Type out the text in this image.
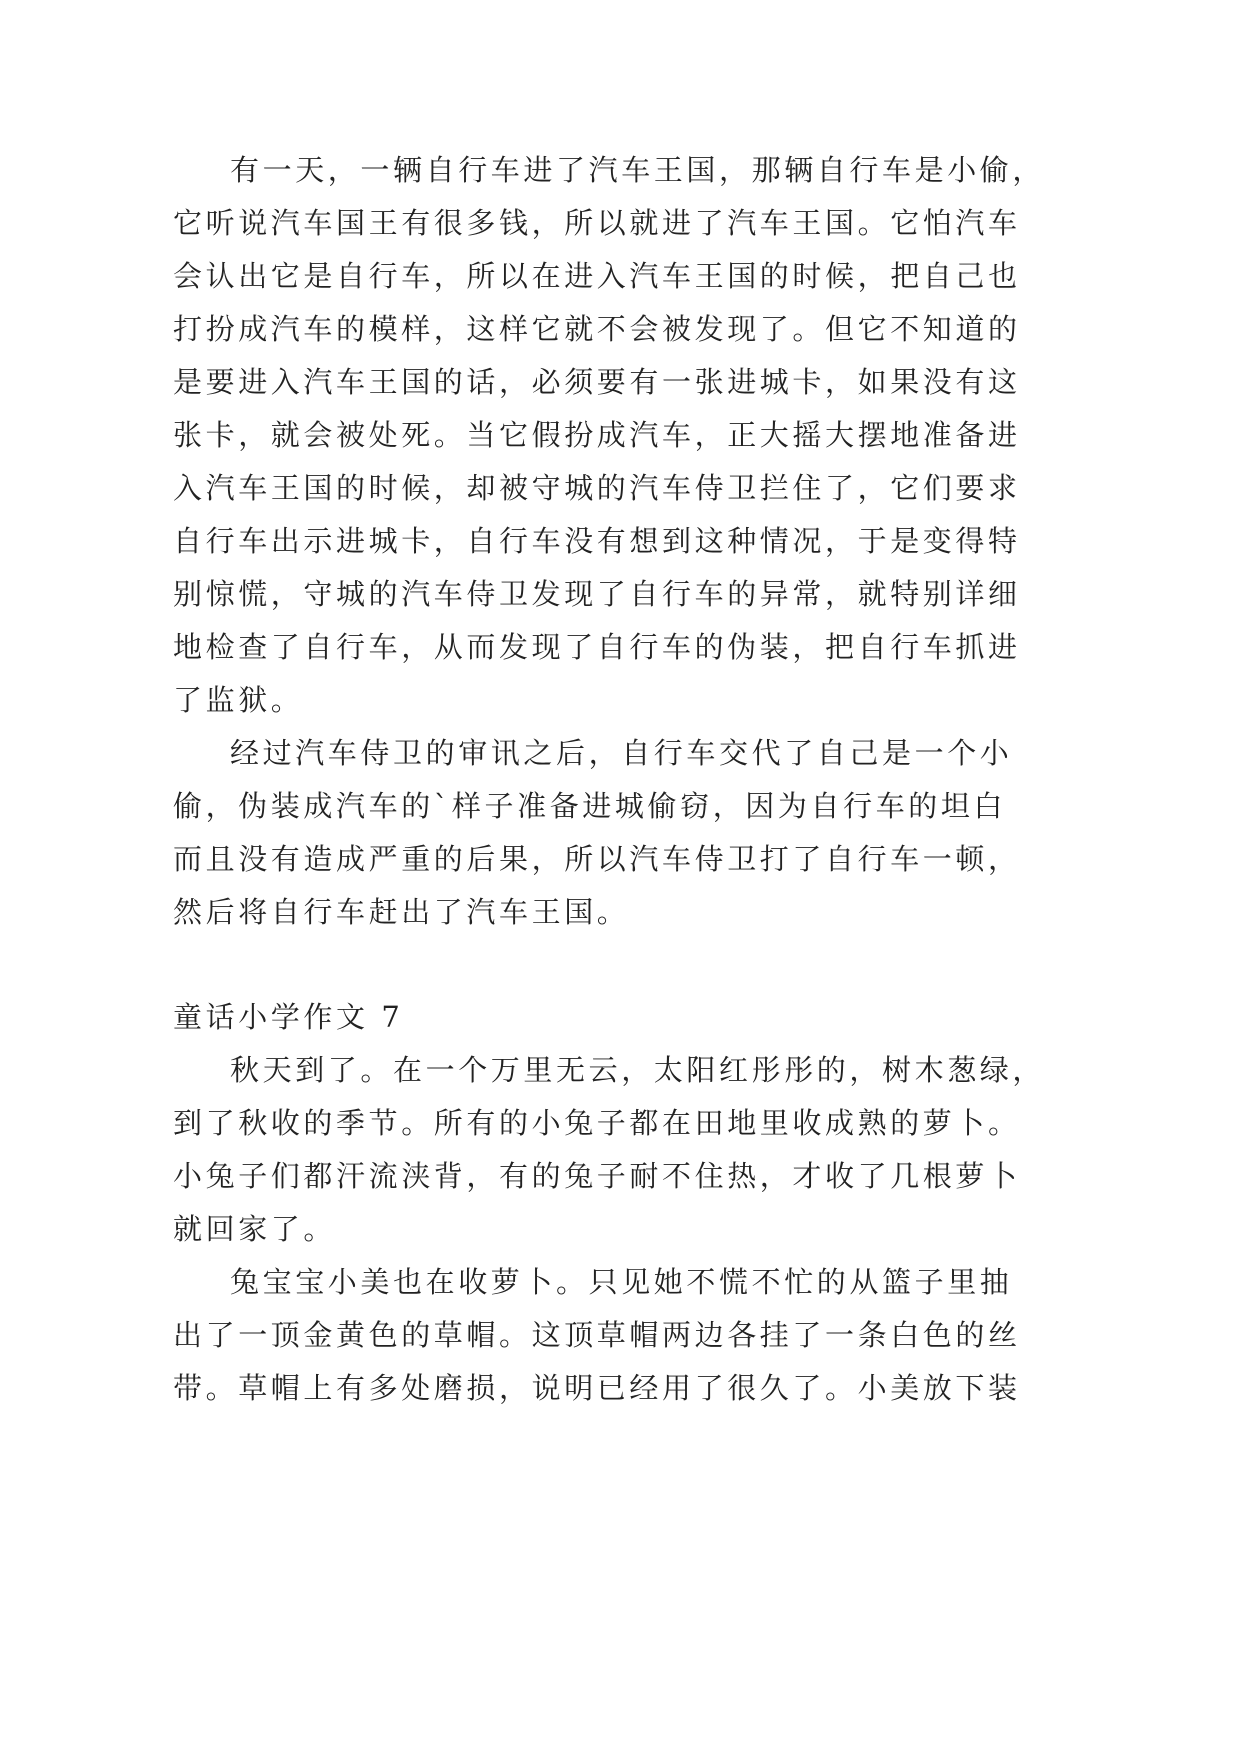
有一天，一辆自行车进了汽车王国，那辆自行车是小偷，
它听说汽车国王有很多钱，所以就进了汽车王国。它怕汽车
会认出它是自行车，所以在进入汽车王国的时候，把自己也
打扮成汽车的模样，这样它就不会被发现了。但它不知道的
是要进入汽车王国的话，必须要有一张进城卡，如果没有这
张卡，就会被处死。当它假扮成汽车，正大摇大摆地准备进
入汽车王国的时候，却被守城的汽车侍卫拦住了，它们要求
自行车出示进城卡，自行车没有想到这种情况，于是变得特
别惊慌，守城的汽车侍卫发现了自行车的异常，就特别详细
地检查了自行车，从而发现了自行车的伪装，把自行车抓进
了监狱。
经过汽车侍卫的审讯之后，自行车交代了自己是一个小
偷，伪装成汽车的`样子准备进城偷窃，因为自行车的坦白
而且没有造成严重的后果，所以汽车侍卫打了自行车一顿，
然后将自行车赶出了汽车王国。
童话小学作文 7
秋天到了。在一个万里无云，太阳红彤彤的，树木葱绿，
到了秋收的季节。所有的小兔子都在田地里收成熟的萝卜。
小兔子们都汗流浃背，有的兔子耐不住热，才收了几根萝卜
就回家了。
兔宝宝小美也在收萝卜。只见她不慌不忙的从篮子里抽
出了一顶金黄色的草帽。这顶草帽两边各挂了一条白色的丝
带。草帽上有多处磨损，说明已经用了很久了。小美放下装
